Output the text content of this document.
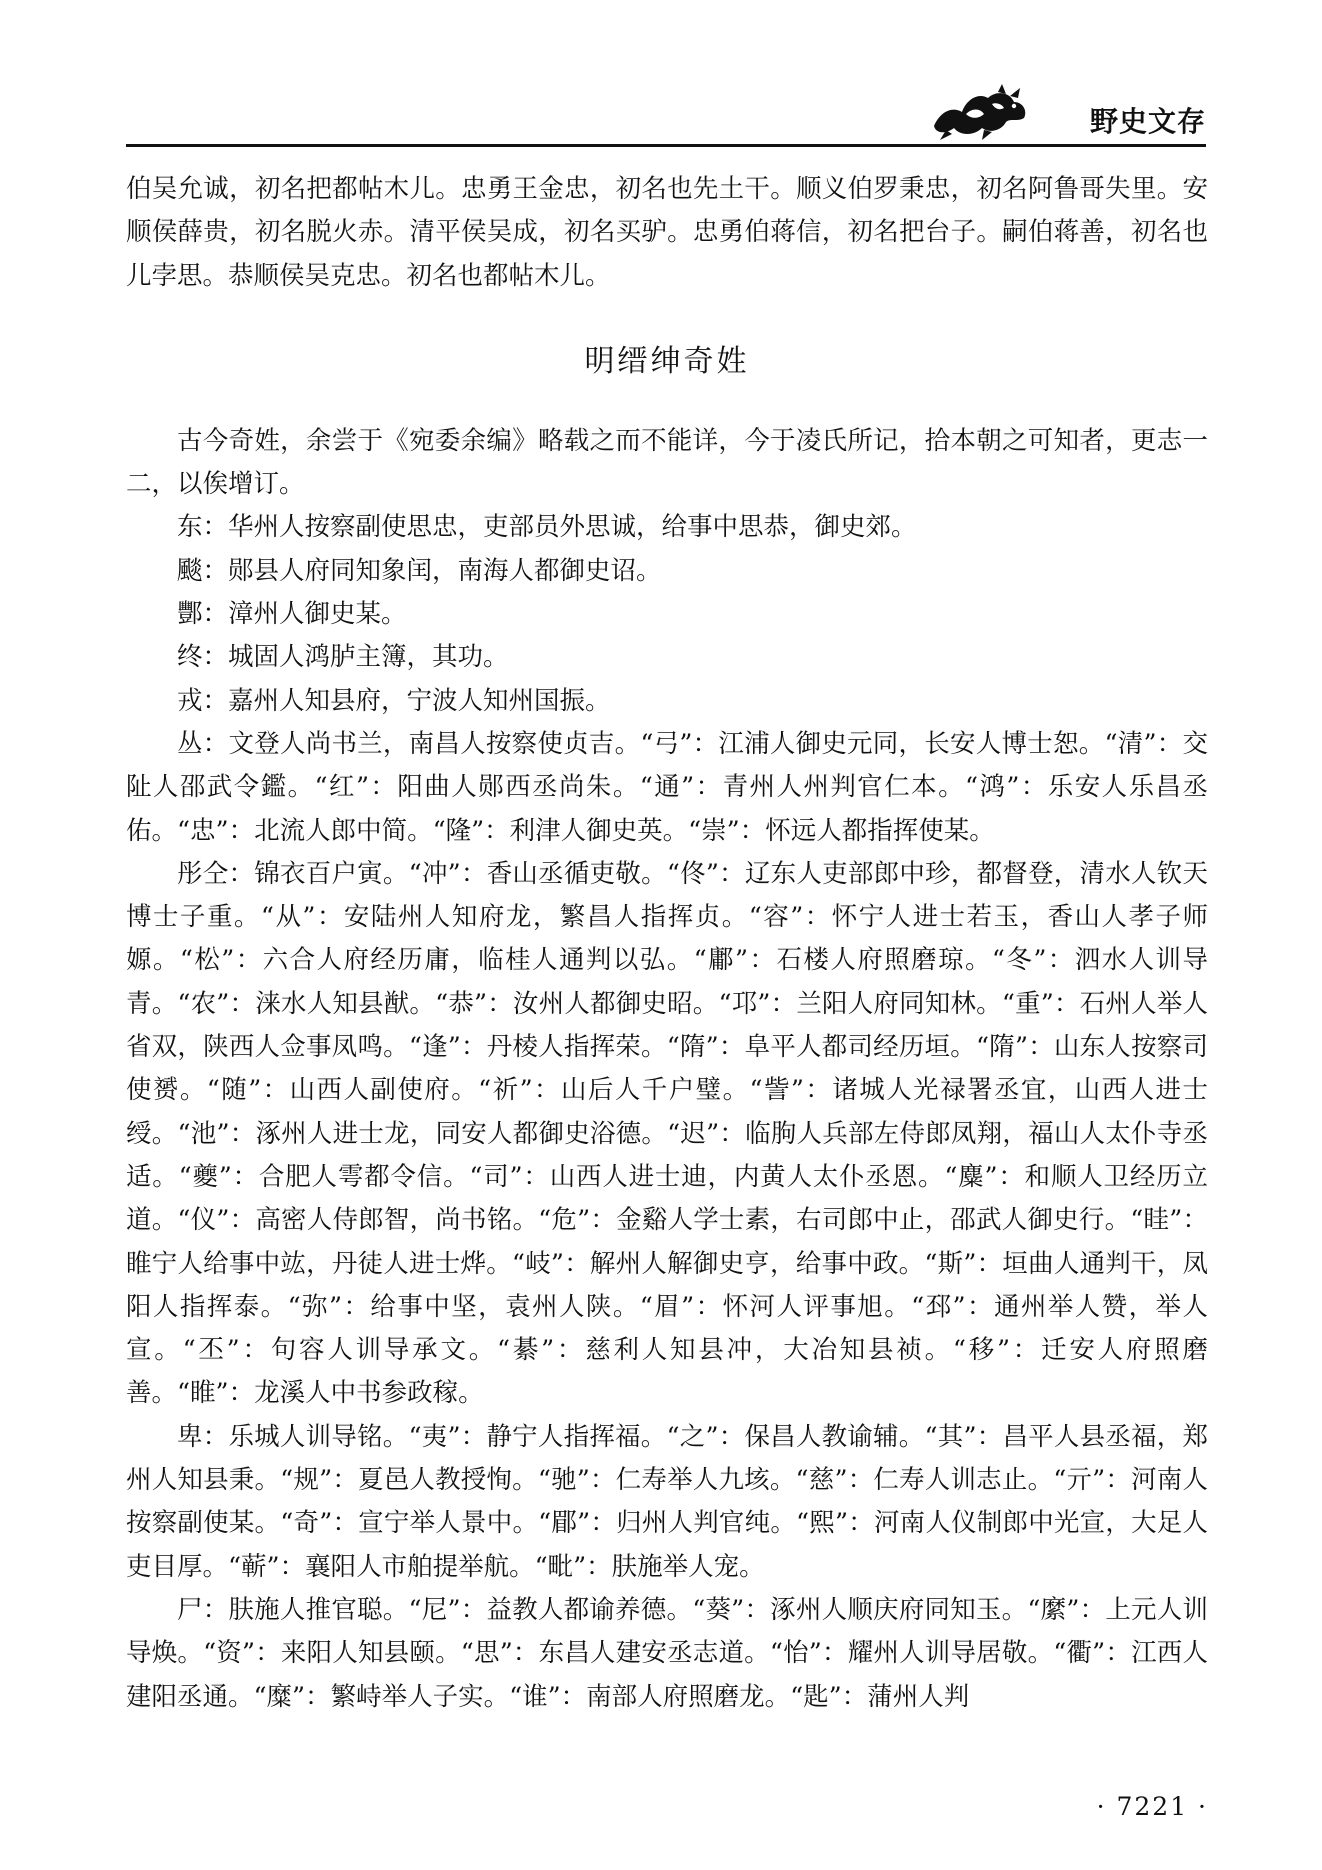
野史文存

伯吴允诚，初名把都帖木儿。忠勇王金忠，初名也先土干。顺义伯罗秉忠，初名阿鲁哥失里。安顺侯薛贵，初名脱火赤。清平侯吴成，初名买驴。忠勇伯蒋信，初名把台子。嗣伯蒋善，初名也儿孛思。恭顺侯吴克忠。初名也都帖木儿。

明缙绅奇姓

古今奇姓，余尝于《宛委余编》略载之而不能详，今于凌氏所记，拾本朝之可知者，更志一二，以俟增订。

东：华州人按察副使思忠，吏部员外思诚，给事中思恭，御史郊。

颷：郧县人府同知象闰，南海人都御史诏。

酆：漳州人御史某。

终：城固人鸿胪主簿，其功。

戎：嘉州人知县府，宁波人知州国振。

丛：文登人尚书兰，南昌人按察使贞吉。“弓”：江浦人御史元同，长安人博士恕。“清”：交阯人邵武令鑑。“红”：阳曲人郧西丞尚朱。“通”：青州人州判官仁本。“鸿”：乐安人乐昌丞佑。“忠”：北流人郎中简。“隆”：利津人御史英。“崇”：怀远人都指挥使某。

彤仝：锦衣百户寅。“冲”：香山丞循吏敬。“佟”：辽东人吏部郎中珍，都督登，清水人钦天博士子重。“从”：安陆州人知府龙，繁昌人指挥贞。“容”：怀宁人进士若玉，香山人孝子师嫄。“松”：六合人府经历庸，临桂人通判以弘。“鄘”：石楼人府照磨琼。“冬”：泗水人训导青。“农”：涞水人知县猷。“恭”：汝州人都御史昭。“邛”：兰阳人府同知林。“重”：石州人举人省双，陕西人佥事凤鸣。“逢”：丹棱人指挥荣。“隋”：阜平人都司经历垣。“隋”：山东人按察司使赟。“随”：山西人副使府。“祈”：山后人千户璧。“訾”：诸城人光禄署丞宜，山西人进士绶。“池”：涿州人进士龙，同安人都御史浴德。“迟”：临朐人兵部左侍郎凤翔，福山人太仆寺丞适。“夔”：合肥人雩都令信。“司”：山西人进士迪，内黄人太仆丞恩。“麋”：和顺人卫经历立道。“仪”：高密人侍郎智，尚书铭。“危”：金谿人学士素，右司郎中止，邵武人御史行。“眭”：睢宁人给事中竑，丹徒人进士烨。“岐”：解州人解御史亨，给事中政。“斯”：垣曲人通判干，凤阳人指挥泰。“弥”：给事中坚，袁州人陕。“眉”：怀河人评事旭。“邳”：通州举人赞，举人宣。“丕”：句容人训导承文。“綦”：慈利人知县冲，大冶知县祯。“移”：迁安人府照磨善。“睢”：龙溪人中书参政稼。

卑：乐城人训导铭。“夷”：静宁人指挥福。“之”：保昌人教谕辅。“其”：昌平人县丞福，郑州人知县秉。“规”：夏邑人教授恂。“驰”：仁寿举人九垓。“慈”：仁寿人训志止。“亓”：河南人按察副使某。“奇”：宣宁举人景中。“郿”：归州人判官纯。“熙”：河南人仪制郎中光宣，大足人吏目厚。“蕲”：襄阳人市舶提举航。“毗”：肤施举人宠。

尸：肤施人推官聪。“尼”：益教人都谕养德。“葵”：涿州人顺庆府同知玉。“縻”：上元人训导焕。“资”：来阳人知县颐。“思”：东昌人建安丞志道。“怡”：耀州人训导居敬。“衢”：江西人建阳丞通。“糜”：繁峙举人子实。“谁”：南部人府照磨龙。“匙”：蒲州人判

· 7221 ·
